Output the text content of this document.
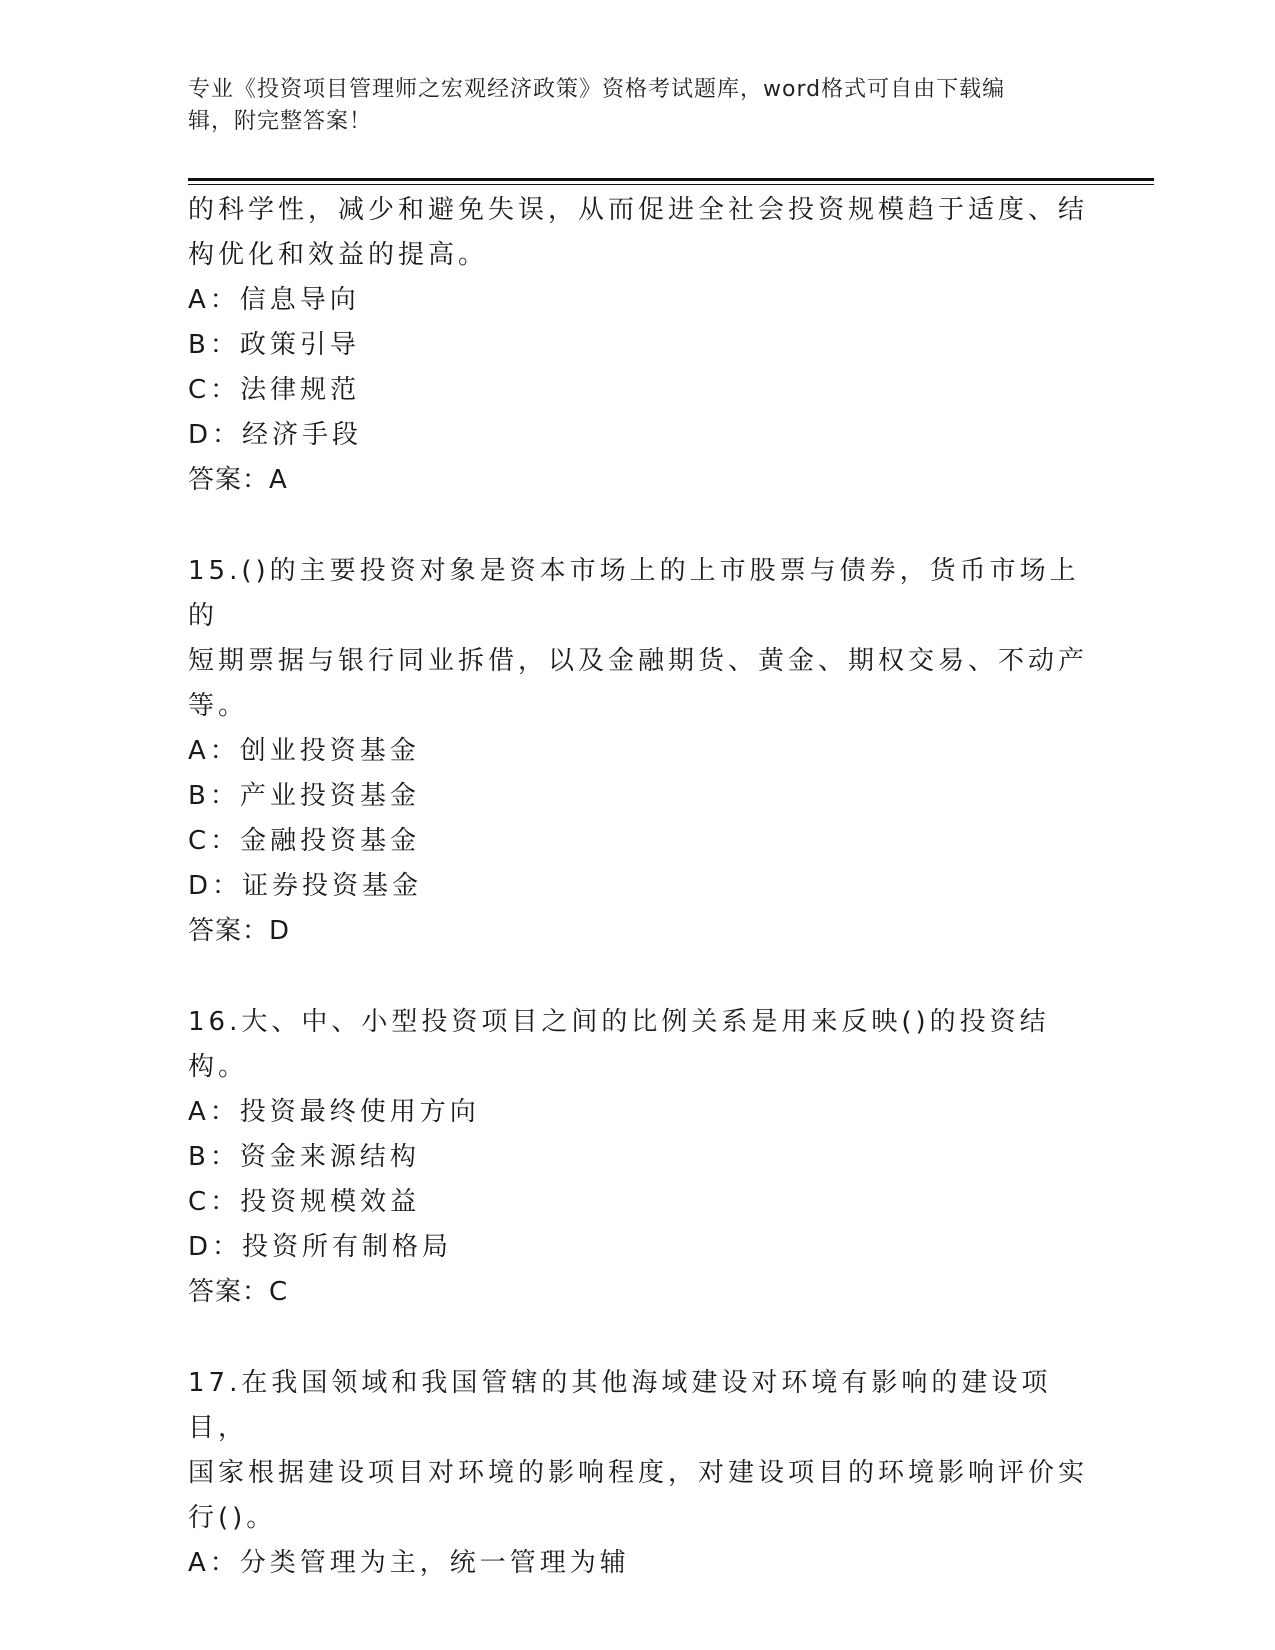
专业《投资项目管理师之宏观经济政策》资格考试题库，word格式可自由下载编
辑，附完整答案！

的科学性，减少和避免失误，从而促进全社会投资规模趋于适度、结

构优化和效益的提高。

A：信息导向

B：政策引导

C：法律规范

D：经济手段

答案：A

15.()的主要投资对象是资本市场上的上市股票与债券，货币市场上的

短期票据与银行同业拆借，以及金融期货、黄金、期权交易、不动产

等。

A：创业投资基金

B：产业投资基金

C：金融投资基金

D：证券投资基金

答案：D

16.大、中、小型投资项目之间的比例关系是用来反映()的投资结构。

A：投资最终使用方向

B：资金来源结构

C：投资规模效益

D：投资所有制格局

答案：C

17.在我国领域和我国管辖的其他海域建设对环境有影响的建设项目，

国家根据建设项目对环境的影响程度，对建设项目的环境影响评价实

行()。

A：分类管理为主，统一管理为辅
